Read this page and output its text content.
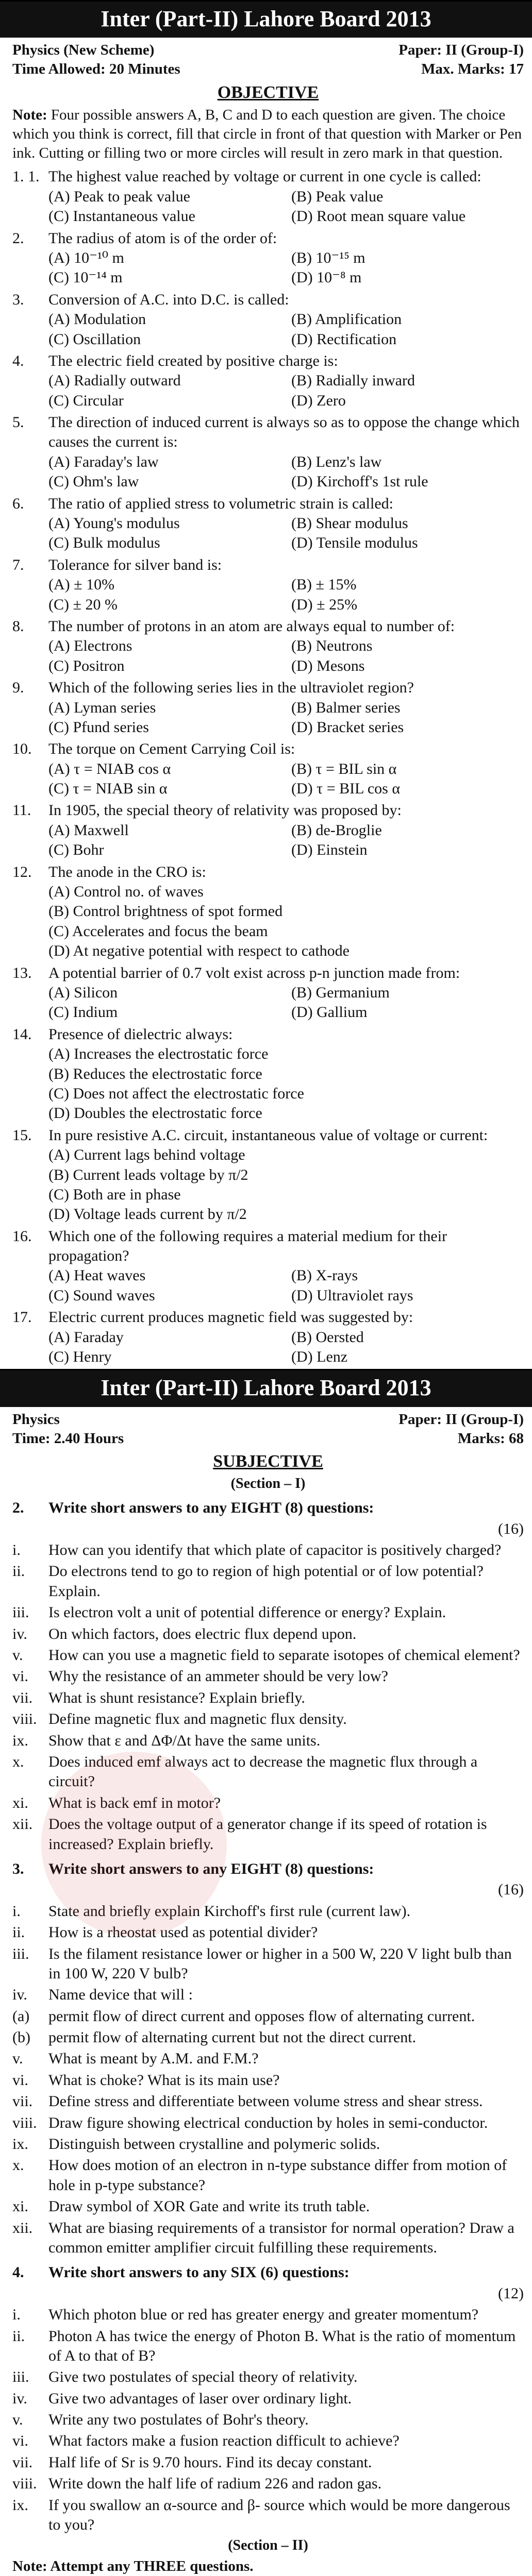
Inter (Part-II) Lahore Board 2013
Physics (New Scheme)	Paper: II (Group-I)
Time Allowed: 20 Minutes	Max. Marks: 17
OBJECTIVE
Note: Four possible answers A, B, C and D to each question are given. The choice which you think is correct, fill that circle in front of that question with Marker or Pen ink. Cutting or filling two or more circles will result in zero mark in that question.
1. 1. The highest value reached by voltage or current in one cycle is called:
(A) Peak to peak value	(B) Peak value
(C) Instantaneous value	(D) Root mean square value
2.	The radius of atom is of the order of:
(A) 10⁻¹⁰ m	(B) 10⁻¹⁵ m
(C) 10⁻¹⁴ m	(D) 10⁻⁸ m
3.	Conversion of A.C. into D.C. is called:
(A) Modulation	(B) Amplification
(C) Oscillation	(D) Rectification
4.	The electric field created by positive charge is:
(A) Radially outward	(B) Radially inward
(C) Circular	(D) Zero
5.	The direction of induced current is always so as to oppose the change which causes the current is:
(A) Faraday's law	(B) Lenz's law
(C) Ohm's law	(D) Kirchoff's 1st rule
6.	The ratio of applied stress to volumetric strain is called:
(A) Young's modulus	(B) Shear modulus
(C) Bulk modulus	(D) Tensile modulus
7.	Tolerance for silver band is:
(A) ± 10%	(B) ± 15%
(C) ± 20 %	(D) ± 25%
8.	The number of protons in an atom are always equal to number of:
(A) Electrons	(B) Neutrons
(C) Positron	(D) Mesons
9.	Which of the following series lies in the ultraviolet region?
(A) Lyman series	(B) Balmer series
(C) Pfund series	(D) Bracket series
10.	The torque on Cement Carrying Coil is:
(A) τ = NIAB cos α	(B) τ = BIL sin α
(C) τ = NIAB sin α	(D) τ = BIL cos α
11.	In 1905, the special theory of relativity was proposed by:
(A) Maxwell	(B) de-Broglie
(C) Bohr	(D) Einstein
12.	The anode in the CRO is:
(A) Control no. of waves
(B) Control brightness of spot formed
(C) Accelerates and focus the beam
(D) At negative potential with respect to cathode
13.	A potential barrier of 0.7 volt exist across p-n junction made from:
(A) Silicon	(B) Germanium
(C) Indium	(D) Gallium
14.	Presence of dielectric always:
(A) Increases the electrostatic force
(B) Reduces the electrostatic force
(C) Does not affect the electrostatic force
(D) Doubles the electrostatic force
15.	In pure resistive A.C. circuit, instantaneous value of voltage or current:
(A) Current lags behind voltage
(B) Current leads voltage by π/2
(C) Both are in phase
(D) Voltage leads current by π/2
16.	Which one of the following requires a material medium for their propagation?
(A) Heat waves	(B) X-rays
(C) Sound waves	(D) Ultraviolet rays
17.	Electric current produces magnetic field was suggested by:
(A) Faraday	(B) Oersted
(C) Henry	(D) Lenz
Inter (Part-II) Lahore Board 2013
Physics	Paper: II (Group-I)
Time: 2.40 Hours	Marks: 68
SUBJECTIVE
(Section – I)
2.	Write short answers to any EIGHT (8) questions:
(16)
i.	How can you identify that which plate of capacitor is positively charged?
ii.	Do electrons tend to go to region of high potential or of low potential? Explain.
iii.	Is electron volt a unit of potential difference or energy? Explain.
iv.	On which factors, does electric flux depend upon.
v.	How can you use a magnetic field to separate isotopes of chemical element?
vi.	Why the resistance of an ammeter should be very low?
vii.	What is shunt resistance? Explain briefly.
viii. Define magnetic flux and magnetic flux density.
ix.	Show that ε and ΔΦ/Δt have the same units.
x.	Does induced emf always act to decrease the magnetic flux through a circuit?
xi.	What is back emf in motor?
xii.	Does the voltage output of a generator change if its speed of rotation is increased? Explain briefly.
3.	Write short answers to any EIGHT (8) questions:
(16)
i.	State and briefly explain Kirchoff's first rule (current law).
ii.	How is a rheostat used as potential divider?
iii.	Is the filament resistance lower or higher in a 500 W, 220 V light bulb than in 100 W, 220 V bulb?
iv.	Name device that will :
(a)	permit flow of direct current and opposes flow of alternating current.
(b)	permit flow of alternating current but not the direct current.
v.	What is meant by A.M. and F.M.?
vi.	What is choke? What is its main use?
vii.	Define stress and differentiate between volume stress and shear stress.
viii. Draw figure showing electrical conduction by holes in semi-conductor.
ix.	Distinguish between crystalline and polymeric solids.
x.	How does motion of an electron in n-type substance differ from motion of hole in p-type substance?
xi.	Draw symbol of XOR Gate and write its truth table.
xii.	What are biasing requirements of a transistor for normal operation? Draw a common emitter amplifier circuit fulfilling these requirements.
4.	Write short answers to any SIX (6) questions:
(12)
i.	Which photon blue or red has greater energy and greater momentum?
ii.	Photon A has twice the energy of Photon B. What is the ratio of momentum of A to that of B?
iii.	Give two postulates of special theory of relativity.
iv.	Give two advantages of laser over ordinary light.
v.	Write any two postulates of Bohr's theory.
vi.	What factors make a fusion reaction difficult to achieve?
vii.	Half life of Sr is 9.70 hours. Find its decay constant.
viii. Write down the half life of radium 226 and radon gas.
ix.	If you swallow an α-source and β- source which would be more dangerous to you?
(Section – II)
Note: Attempt any THREE questions.
